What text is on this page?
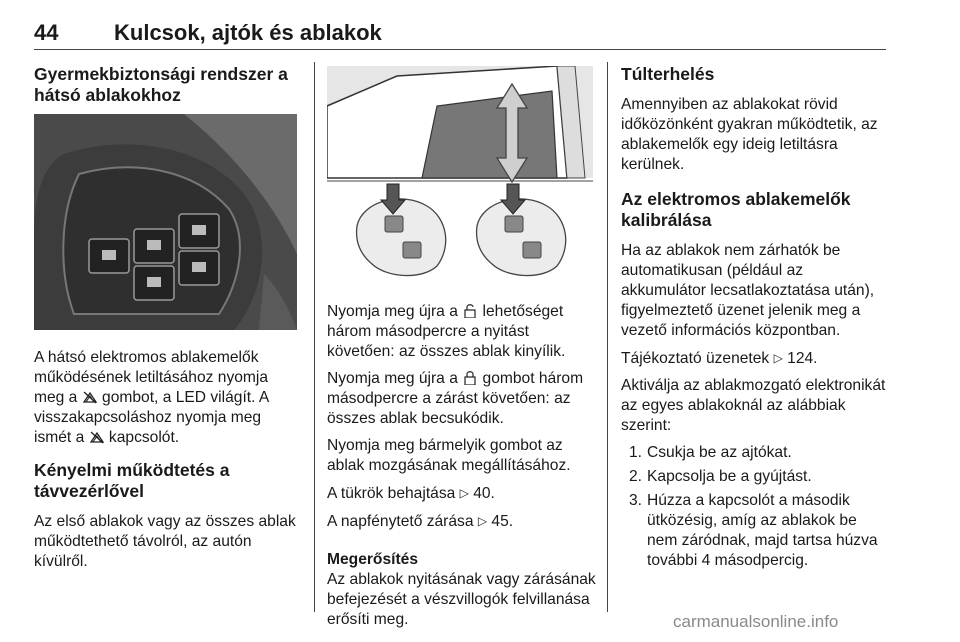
44	Kulcsok, ajtók és ablakok
Gyermekbiztonsági rendszer a hátsó ablakokhoz

A hátsó elektromos ablakemelők
működésének letiltásához nyomja
meg a  gombot, a LED világít. A
visszakapcsoláshoz nyomja meg
ismét a  kapcsolót.

Kényelmi működtetés a távvezérlővel

Az első ablakok vagy az összes ablak működtethető távolról, az autón kívülről.

Nyomja meg újra a  lehetőséget három másodpercre a nyitást követően: az összes ablak kinyílik.

Nyomja meg újra a  gombot három másodpercre a zárást követően: az összes ablak becsukódik.

Nyomja meg bármelyik gombot az ablak mozgásának megállításához.

A tükrök behajtása ▷ 40.

A napfénytető zárása ▷ 45.

Megerősítés

Az ablakok nyitásának vagy zárásának befejezését a vészvillogók felvillanása erősíti meg.

Túlterhelés

Amennyiben az ablakokat rövid időközönként gyakran működtetik, az ablakemelők egy ideig letiltásra kerülnek.

Az elektromos ablakemelők kalibrálása

Ha az ablakok nem zárhatók be automatikusan (például az akkumulátor lecsatlakoztatása után), figyelmeztető üzenet jelenik meg a vezető információs központban.

Tájékoztató üzenetek ▷ 124.

Aktiválja az ablakmozgató elektronikát az egyes ablakoknál az alábbiak szerint:

1. Csukja be az ajtókat.
2. Kapcsolja be a gyújtást.
3. Húzza a kapcsolót a második ütközésig, amíg az ablakok be nem záródnak, majd tartsa húzva további 4 másodpercig.
carmanualsonline.info
